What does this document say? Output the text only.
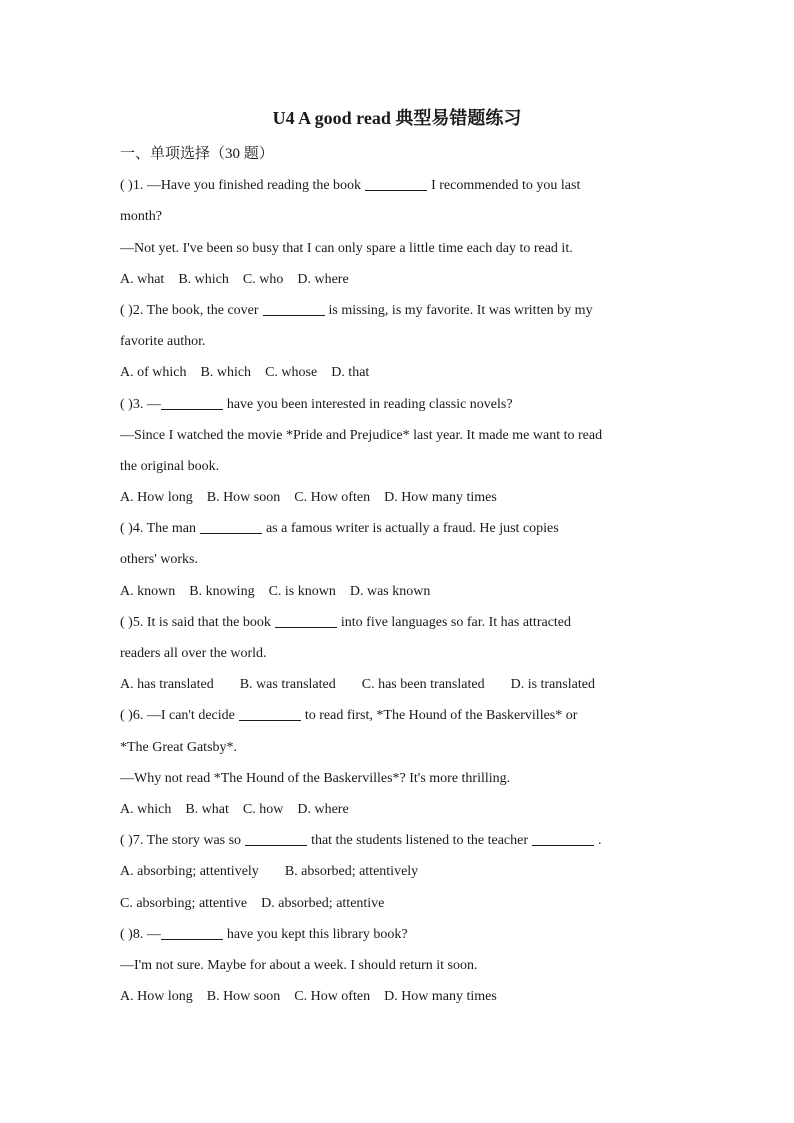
U4 A good read 典型易错题练习
一、单项选择（30 题）
( )1. —Have you finished reading the book	I recommended to you last
month?
—Not yet. I've been so busy that I can only spare a little time each day to read it.
A. what B. which C. who D. where
( )2. The book, the cover	is missing, is my favorite. It was written by my
favorite author.
A. of which B. which C. whose D. that
( )3. —	have you been interested in reading classic novels?
—Since I watched the movie *Pride and Prejudice* last year. It made me want to read
the original book.
A. How long B. How soon C. How often D. How many times
( )4. The man	as a famous writer is actually a fraud. He just copies
others' works.
A. known B. knowing C. is known D. was known
( )5. It is said that the book	into five languages so far. It has attracted
readers all over the world.
A. has translated B. was translated C. has been translated D. is translated
( )6. —I can't decide	to read first, *The Hound of the Baskervilles* or
*The Great Gatsby*.
—Why not read *The Hound of the Baskervilles*? It's more thrilling.
A. which B. what C. how D. where
( )7. The story was so	that the students listened to the teacher	.
A. absorbing; attentively B. absorbed; attentively
C. absorbing; attentive D. absorbed; attentive
( )8. —	have you kept this library book?
—I'm not sure. Maybe for about a week. I should return it soon.
A. How long B. How soon C. How often D. How many times
